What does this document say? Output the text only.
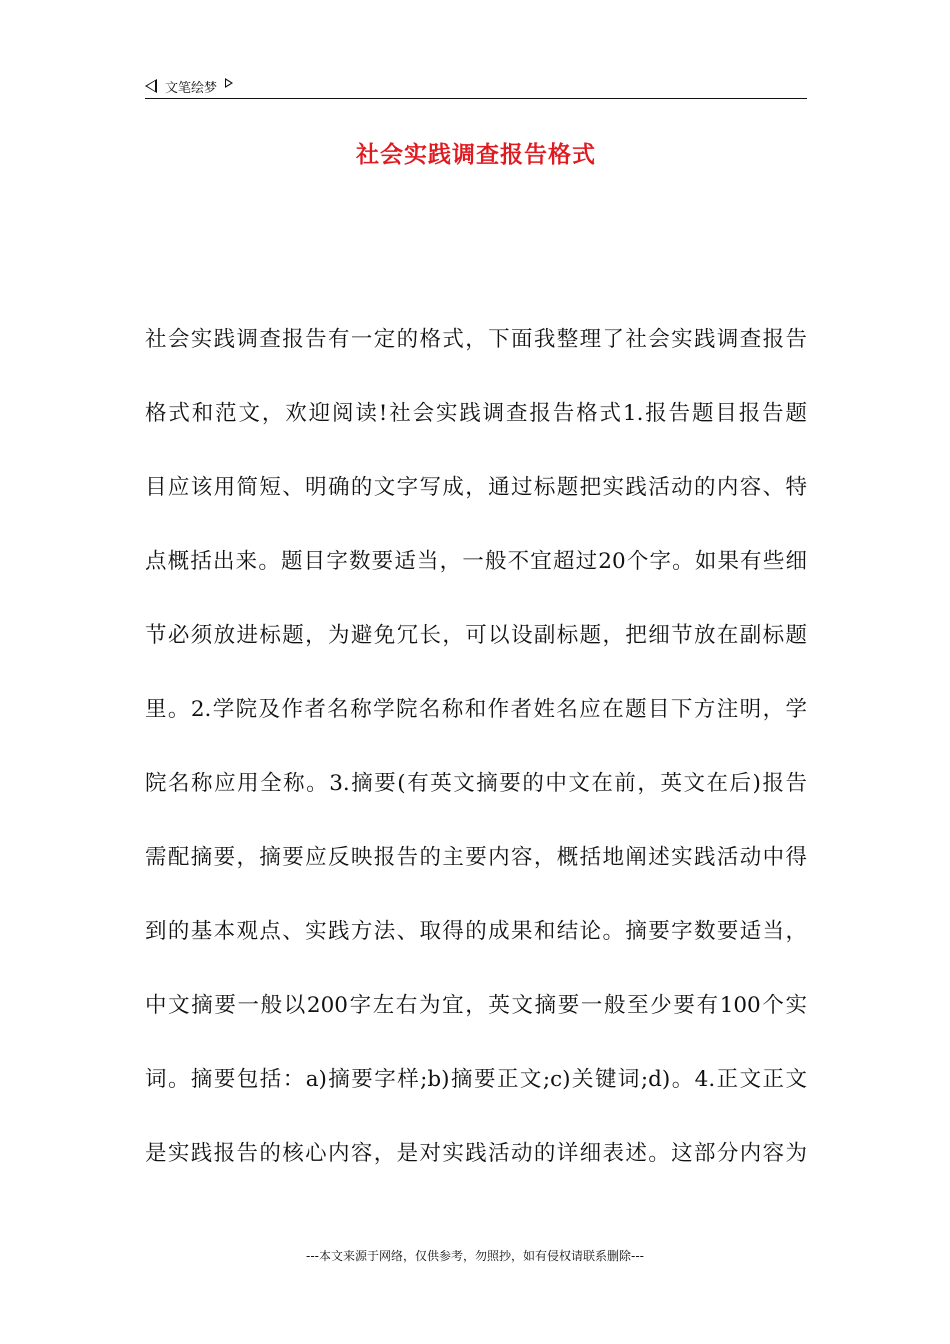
文笔绘梦
社会实践调查报告格式
社会实践调查报告有一定的格式，下面我整理了社会实践调查报告
格式和范文，欢迎阅读!社会实践调查报告格式1.报告题目报告题
目应该用简短、明确的文字写成，通过标题把实践活动的内容、特
点概括出来。题目字数要适当，一般不宜超过20个字。如果有些细
节必须放进标题，为避免冗长，可以设副标题，把细节放在副标题
里。2.学院及作者名称学院名称和作者姓名应在题目下方注明，学
院名称应用全称。3.摘要(有英文摘要的中文在前，英文在后)报告
需配摘要，摘要应反映报告的主要内容，概括地阐述实践活动中得
到的基本观点、实践方法、取得的成果和结论。摘要字数要适当，
中文摘要一般以200字左右为宜，英文摘要一般至少要有100个实
词。摘要包括：a)摘要字样;b)摘要正文;c)关键词;d)。4.正文正文
是实践报告的核心内容，是对实践活动的详细表述。这部分内容为
---本文来源于网络，仅供参考，勿照抄，如有侵权请联系删除---
